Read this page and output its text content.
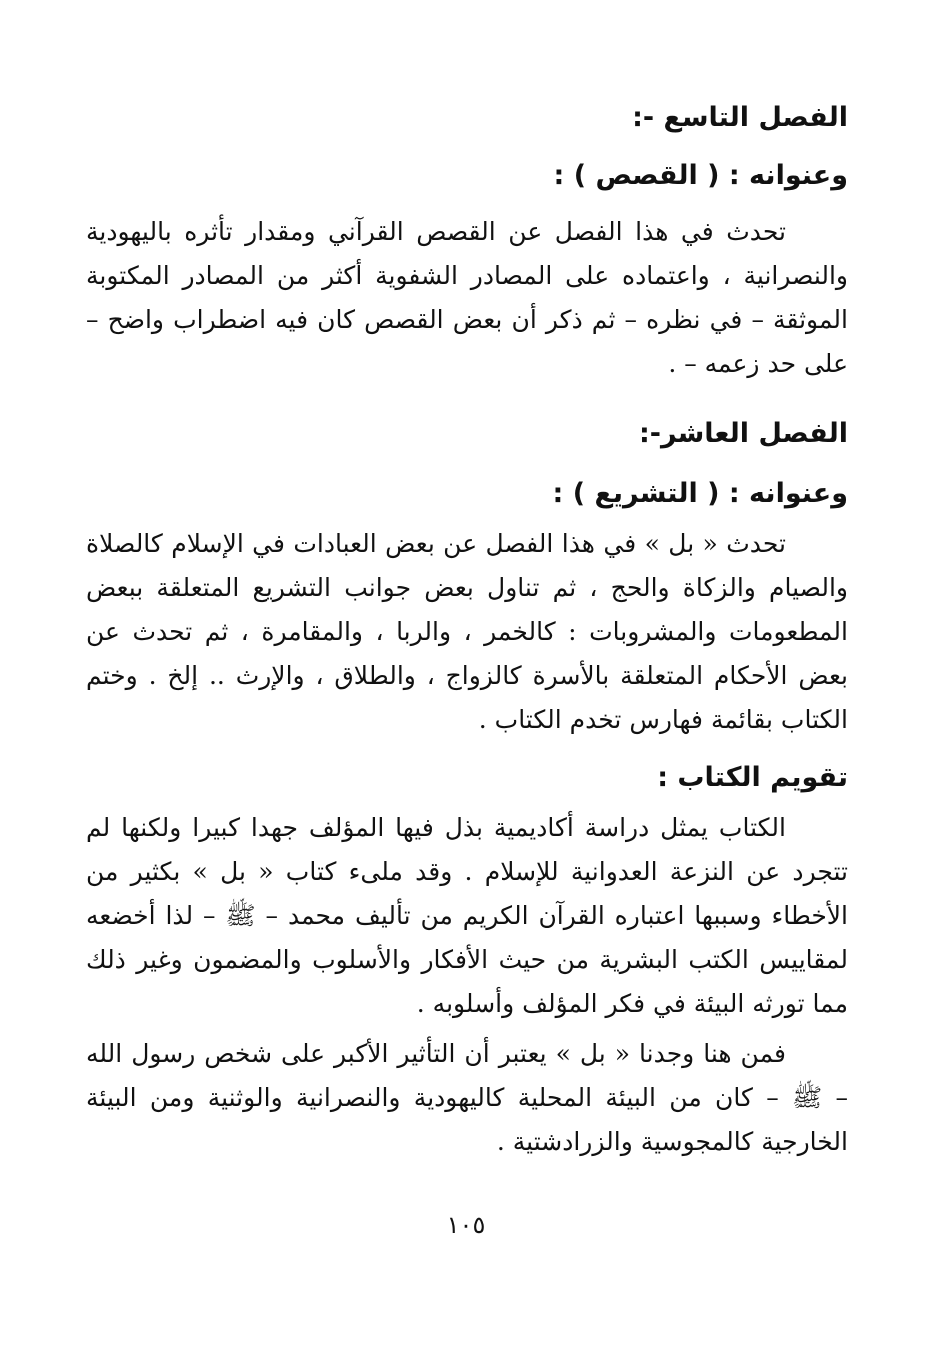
الفصل التاسع -:
وعنوانه : ( القصص ) :

تحدث في هذا الفصل عن القصص القرآني ومقدار تأثره باليهودية والنصرانية ، واعتماده على المصادر الشفوية أكثر من المصادر المكتوبة الموثقة – في نظره – ثم ذكر أن بعض القصص كان فيه اضطراب واضح – على حد زعمه – .

الفصل العاشر-:
وعنوانه : ( التشريع ) :

تحدث « بل » في هذا الفصل عن بعض العبادات في الإسلام كالصلاة والصيام والزكاة والحج ، ثم تناول بعض جوانب التشريع المتعلقة ببعض المطعومات والمشروبات : كالخمر ، والربا ، والمقامرة ، ثم تحدث عن بعض الأحكام المتعلقة بالأسرة كالزواج ، والطلاق ، والإرث .. إلخ . وختم الكتاب بقائمة فهارس تخدم الكتاب .

تقويم الكتاب :

الكتاب يمثل دراسة أكاديمية بذل فيها المؤلف جهدا كبيرا ولكنها لم تتجرد عن النزعة العدوانية للإسلام . وقد ملىء كتاب « بل » بكثير من الأخطاء وسببها اعتباره القرآن الكريم من تأليف محمد – ﷺ – لذا أخضعه لمقاييس الكتب البشرية من حيث الأفكار والأسلوب والمضمون وغير ذلك مما تورثه البيئة في فكر المؤلف وأسلوبه .

فمن هنا وجدنا « بل » يعتبر أن التأثير الأكبر على شخص رسول الله – ﷺ – كان من البيئة المحلية كاليهودية والنصرانية والوثنية ومن البيئة الخارجية كالمجوسية والزرادشتية .

١٠٥
